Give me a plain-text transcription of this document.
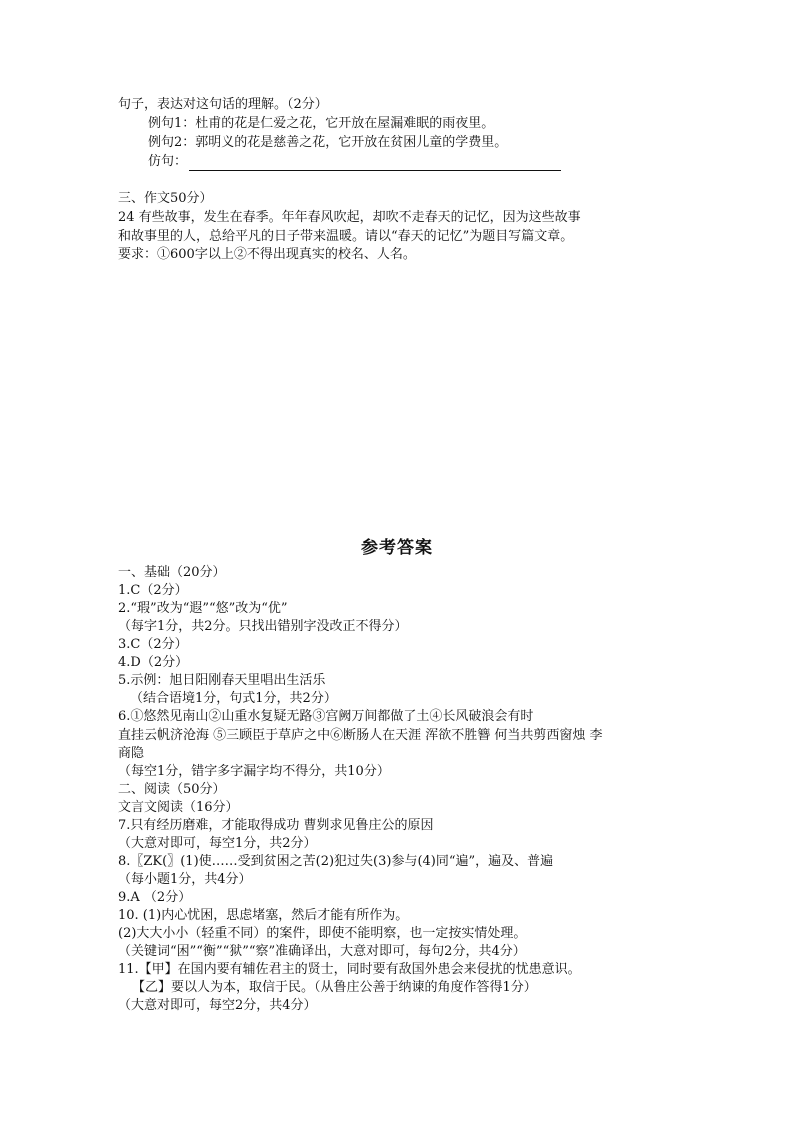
句子，表达对这句话的理解。（2分）
例句1：杜甫的花是仁爱之花，它开放在屋漏难眠的雨夜里。
例句2：郭明义的花是慈善之花，它开放在贫困儿童的学费里。
仿句：
三、作文50分）
24 有些故事，发生在春季。年年春风吹起，却吹不走春天的记忆，因为这些故事
和故事里的人，总给平凡的日子带来温暖。请以“春天的记忆”为题目写篇文章。
要求：①600字以上②不得出现真实的校名、人名。
参考答案
一、基础（20分）
1.C（2分）
2.“瑕”改为“遐”“悠”改为“优”
（每字1分，共2分。只找出错别字没改正不得分）
3.C（2分）
4.D（2分）
5.示例：旭日阳刚春天里唱出生活乐
（结合语境1分，句式1分，共2分）
6.①悠然见南山②山重水复疑无路③宫阙万间都做了土④长风破浪会有时
直挂云帆济沧海 ⑤三顾臣于草庐之中⑥断肠人在天涯 浑欲不胜簪 何当共剪西窗烛 李
商隐
（每空1分，错字多字漏字均不得分，共10分）
二、阅读（50分）
文言文阅读（16分）
7.只有经历磨难，才能取得成功 曹刿求见鲁庄公的原因
（大意对即可，每空1分，共2分）
8.〖ZK(〗(1)使……受到贫困之苦(2)犯过失(3)参与(4)同“遍”，遍及、普遍
（每小题1分，共4分）
9.A （2分）
10. (1)内心忧困，思虑堵塞，然后才能有所作为。
(2)大大小小（轻重不同）的案件，即使不能明察，也一定按实情处理。
（关键词“困”“衡”“狱”“察”准确译出，大意对即可，每句2分，共4分）
11.【甲】在国内要有辅佐君主的贤士，同时要有敌国外患会来侵扰的忧患意识。
【乙】要以人为本，取信于民。（从鲁庄公善于纳谏的角度作答得1分）
（大意对即可，每空2分，共4分）
